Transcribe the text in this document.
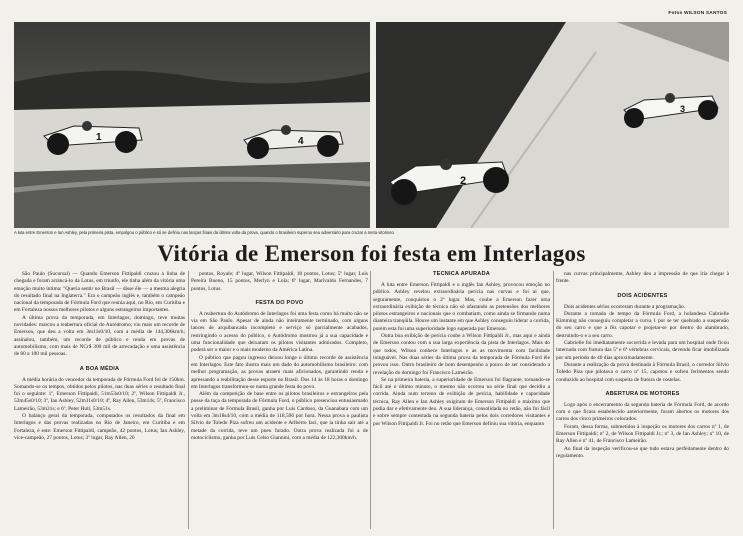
Fotos WILSON SANTOS
1	4
3
2
A luta entre Emerson e Ian Ashley, pela primeira pista, empolgou o público e só se definiu nas lanças finais da última volta da prova, quando o brasileiro superou seu adversário para cruzar a meta vitorioso
Vitória de Emerson foi festa em Interlagos

São Paulo (Sucursal) — Quando Emerson Fittipaldi cruzou a linha de chegada e foram arrancá-lo da Lotus, em triunfo, ele tinha além da vitória uma emoção muito íntima: "Queria sentir no Brasil — disse êle — a mesma alegria do resultado final na Inglaterra." Era o campeão inglês e, também o campeão nacional da temporada de Fórmula Ford que reunia aqui, no Rio, em Curitiba e em Fortaleza nossos melhores pilotos e alguns estrangeiros importantes.

A última prova da temporada, em Interlagos, domingo, teve muitas novidades: marcou a reabertura oficial do Autódromo; viu mais um recorde de Emerson, que deu a volta em 3m11s0/10, com a média de 144,306km/h; assinalou, também, um recorde de público e renda em provas de automobilismo, com mais de NCr$ 300 mil de arrecadação e uma assistência de 80 a 100 mil pessoas.

A BOA MÉDIA

A média horária do vencedor da temporada de Fórmula Ford foi de 150km. Somando-se os tempos, obtidos pelos pilotos, nas duas séries o resultado final foi o seguinte: 1º, Emerson Fittipaldi, 51m53s0/10; 2º, Wilson Fittipaldi Jr., 52m45s0/10; 3º, Ian Ashley, 52m11s0/10; 4º, Ray Allen, 53m14s; 5º, Francisco Lameirão, 53m31s; e 6º, Peter Hull, 53m51s.

O balanço geral da temporada, computados os resultados da final em Interlagos e das provas realizadas no Rio de Janeiro, em Curitiba e em Fortaleza, é este: Emerson Fittipaldi, campeão, 42 pontos, Lotus; Ian Ashley, vice-campeão, 27 pontos, Lotus; 3º lugar, Ray Allen, 20

pontos, Royale; 4º lugar, Wilson Fittipaldi, 18 pontos, Lotus; 5º lugar, Luis Pereira Bueno, 15 pontos, Merlyn e Lola; 6º lugar, Marivaldo Fernandes, 7 pontos, Lotus.

FESTA DO POVO

A reabertura do Autódromo de Interlagos foi uma festa como há muito não se via em São Paulo. Apesar de ainda não inteiramente terminado, com alguns lances de arquibancada incompleto e serviço só parcialmente acabados, restringindo o acesso do público, o Autódromo mostrou já a sua capacidade e uma funcionalidade que deixaram os pilotos visitantes admirados. Completo, poderá ser o maior e o mais moderno da América Latina.

O público que pagou ingresso deixou longe o último recorde de assistência em Interlagos. Este fato ilustra mais um dado do automobilismo brasileiro: com melhor programação, as provas atraem mais aficionados, garantindo renda e apressando a reabilitação desse esporte no Brasil. Dos 14 às 18 horas o domingo em Interlagos transformou-se numa grande festa do povo.

Além da competição de base entre os pilotos brasileiros e estrangeiros pela posse da taça da temporada de Fórmula Ford, o público presenciou entusiasmado a preliminar de Fórmula Brasil, ganha por Luis Cardoso, da Guanabara com um volta em 3m18s4/10, com a média de 118,596 por hora. Nessa prova o paulista Silvio de Toledo Piza sofreu um acidente e Arlberto Iaci, que ia tinha sair até a metade da corrida, teve um pneu furado. Outra prova realizada foi a de motociclismo, ganha por Luis Celso Giannini, com a média de 122,300km/h.

TÉCNICA APURADA

A luta entre Emerson Fittipaldi e o inglês Ian Ashley, provocou emoção no público. Ashley revelou extraordinária perícia nas curvas e foi ai que, seguramente, conquistou o 2º lugar. Mas, coube a Emerson fazer uma extraordinária exibição de técnica não só afastando as pretensões dos melhores pilotos estrangeiros e nacionais que o combatiam, como ainda se firmando numa dianteira tranqüila. Houve um instante em que Ashley conseguiu liderar a corrida, porém esta foi uma superioridade logo superada por Emerson.

Outra boa exibição de perícia coube a Wilson Fittipaldi Jr., mas aqui e ainda de Emerson contou com a sua larga experiência da pista de Interlagos. Mais do que todos, Wilson conhece Interlagos e as as movimenta com facilidade ininguável. Nas duas séries da última prova da temporada de Fórmula Ford êle provou isso. Outro brasileiro de bom desempenho a pouco de ser considerado a revelação do domingo foi Francisco Lameirão.

Se na primeira bateria, a superioridade de Emerson foi flagrante, tornando-se fácil até o último minuto, o mesmo não ocorreu na série final que decidiu a corrida. Ainda num terreno de exibição de perícia, habilidade e capacidade técnica, Ray Allen e Ian Ashley exigiram de Emerson Fittipaldi o máximo que podia dar e efetivamente deu. A sua liderança, consolidada no retão, não foi fácil e sobre sempre contestada na segunda bateria pelos dois corredores visitantes e por Wilson Fittipaldi Jr. Foi no retão que Emerson definiu sua vitória, enquanto

nas curvas principalmente, Ashley deu a impressão de que iria chegar à frente.

DOIS ACIDENTES

Dois acidentes sérios ocorreram durante a programação.

Durante a tomada de tempo da Fórmula Ford, a holandesa Gabrielle Kimming não conseguiu completar a curva 1 por se ter quebrado a suspensão do seu carro e que a fêz capotar e projetar-se por dentro do alambrado, destruindo-o e a seu carro.

Gabrielle foi imediatamente socorrida e levada para um hospital onde ficou internada com fratura das 5ª e 6ª vértebras cervicais, devendo ficar imobilizada por um período de 40 dias aproximadamente.

Durante a realização da prova destinada à Fórmula Brasil, o corredor Silvio Toledo Piza que pilotava o carro nº 15, capotou e sofreu ferimentos sendo conduzido ao hospital com suspeita de fratura de costelas.

ABERTURA DE MOTORES

Logo após o encerramento da segunda bateria de Fórmula Ford, de acordo com o que ficara estabelecido anteriormente, foram abertos os motores dos carros dos cinco primeiros colocados.

Foram, dessa forma, submetidos à inspeção os motores dos carros nº 1, de Emerson Fittipaldi; nº 2, de Wilson Fittipaldi Jr.; nº 3, de Ian Ashley; nº 10, de Ray Allen e nº 41, de Francisco Lameirão.

Ao final da inspeção verificou-se que tudo estava perfeitamente dentro do regulamento.
